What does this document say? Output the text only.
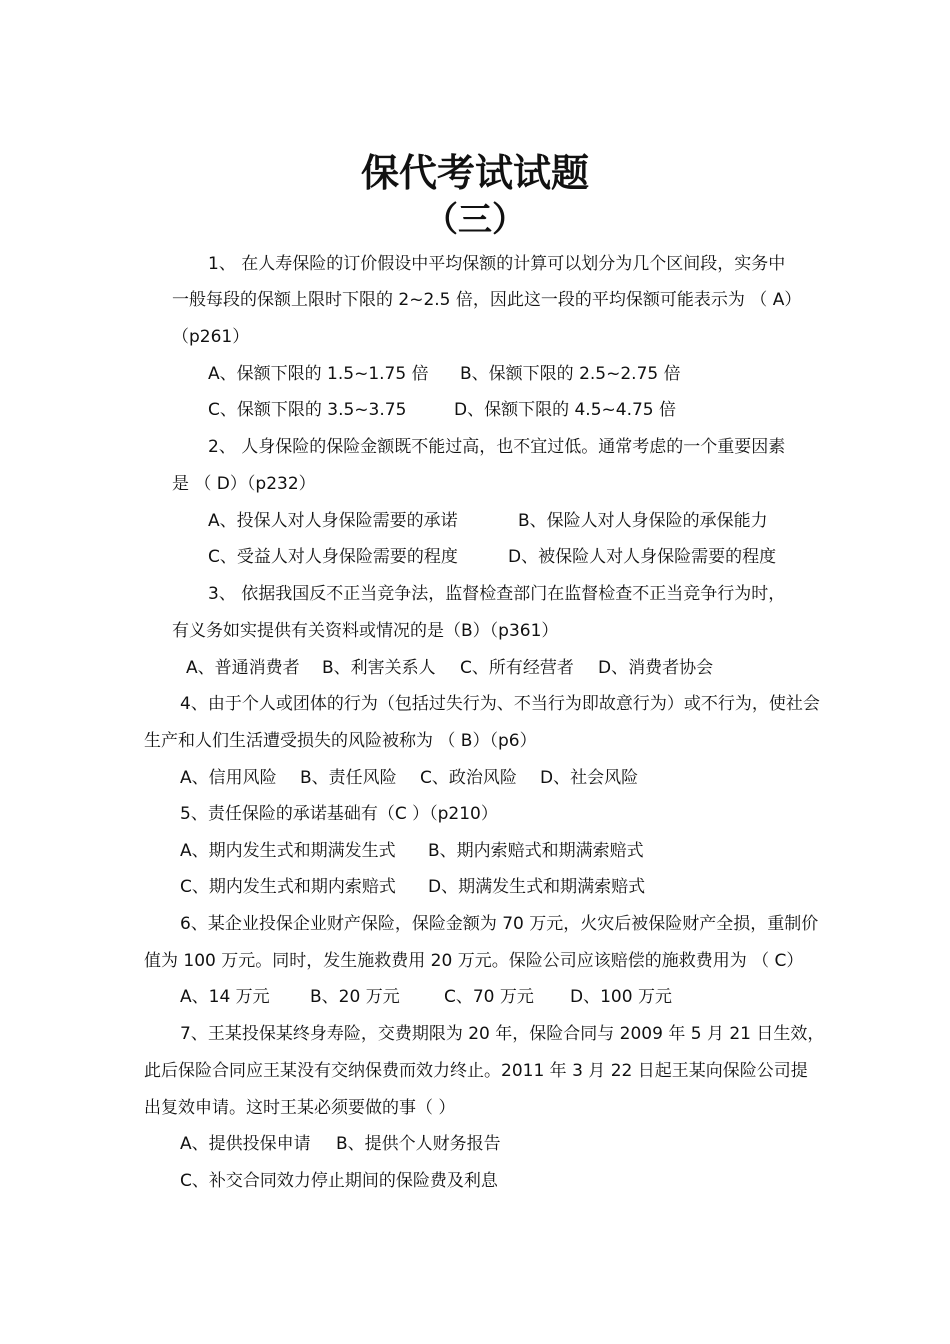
保代考试试题
（三）
1、 在人寿保险的订价假设中平均保额的计算可以划分为几个区间段，实务中
一般每段的保额上限时下限的 2~2.5 倍，因此这一段的平均保额可能表示为 （ A）
（p261）
A、保额下限的 1.5~1.75 倍 B、保额下限的 2.5~2.75 倍
C、保额下限的 3.5~3.75	D、保额下限的 4.5~4.75 倍
2、 人身保险的保险金额既不能过高，也不宜过低。通常考虑的一个重要因素
是 （ D）（p232）
A、投保人对人身保险需要的承诺	B、保险人对人身保险的承保能力
C、受益人对人身保险需要的程度	D、被保险人对人身保险需要的程度
3、 依据我国反不正当竞争法，监督检查部门在监督检查不正当竞争行为时，
有义务如实提供有关资料或情况的是（B）（p361）
A、普通消费者 B、利害关系人 C、所有经营者 D、消费者协会
4、由于个人或团体的行为（包括过失行为、不当行为即故意行为）或不行为，使社会
生产和人们生活遭受损失的风险被称为 （ B）（p6）
A、信用风险 B、责任风险 C、政治风险 D、社会风险
5、责任保险的承诺基础有（C ）（p210）
A、期内发生式和期满发生式 B、期内索赔式和期满索赔式
C、期内发生式和期内索赔式 D、期满发生式和期满索赔式
6、某企业投保企业财产保险，保险金额为 70 万元，火灾后被保险财产全损，重制价
值为 100 万元。同时，发生施救费用 20 万元。保险公司应该赔偿的施救费用为 （ C）
A、14 万元 B、20 万元	C、70 万元 D、100 万元
7、王某投保某终身寿险，交费期限为 20 年，保险合同与 2009 年 5 月 21 日生效，
此后保险合同应王某没有交纳保费而效力终止。2011 年 3 月 22 日起王某向保险公司提
出复效申请。这时王某必须要做的事（ ）
A、提供投保申请 B、提供个人财务报告
C、补交合同效力停止期间的保险费及利息
